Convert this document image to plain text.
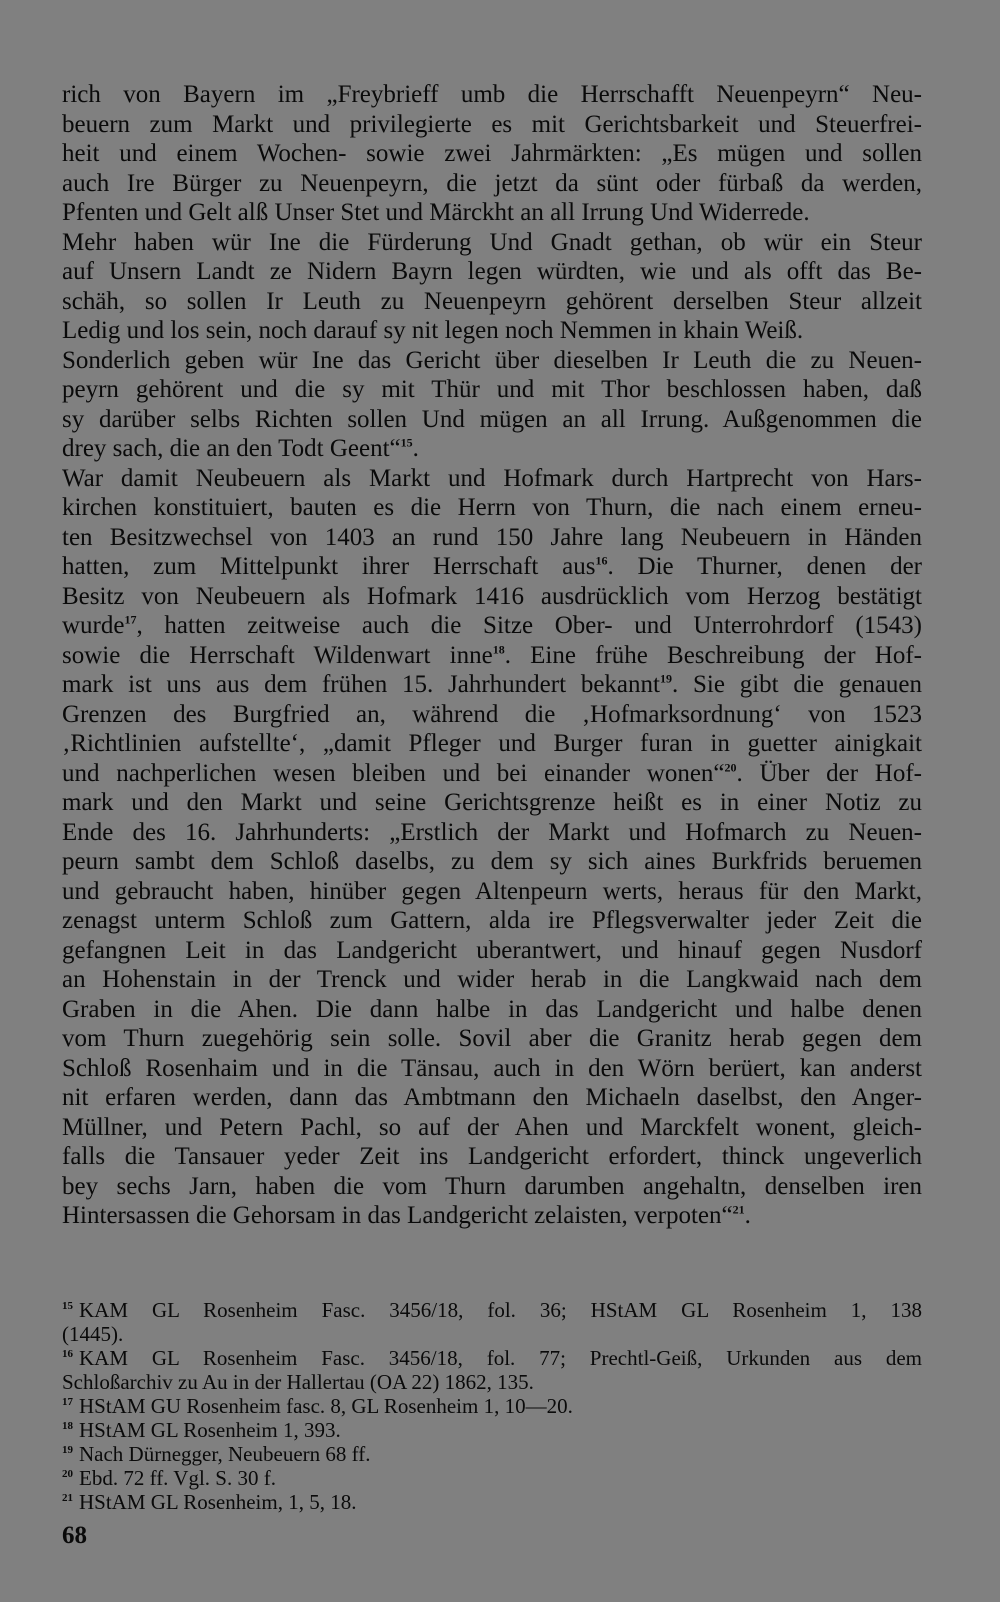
rich von Bayern im „Freybrieff umb die Herrschafft Neuenpeyrn“ Neu-
beuern zum Markt und privilegierte es mit Gerichtsbarkeit und Steuerfrei-
heit und einem Wochen- sowie zwei Jahrmärkten: „Es mügen und sollen
auch Ire Bürger zu Neuenpeyrn, die jetzt da sünt oder fürbaß da werden,
Pfenten und Gelt alß Unser Stet und Märckht an all Irrung Und Widerrede.
Mehr haben wür Ine die Fürderung Und Gnadt gethan, ob wür ein Steur
auf Unsern Landt ze Nidern Bayrn legen würdten, wie und als offt das Be-
schäh, so sollen Ir Leuth zu Neuenpeyrn gehörent derselben Steur allzeit
Ledig und los sein, noch darauf sy nit legen noch Nemmen in khain Weiß.
Sonderlich geben wür Ine das Gericht über dieselben Ir Leuth die zu Neuen-
peyrn gehörent und die sy mit Thür und mit Thor beschlossen haben, daß
sy darüber selbs Richten sollen Und mügen an all Irrung. Außgenommen die
drey sach, die an den Todt Geent“$^{15}$.
War damit Neubeuern als Markt und Hofmark durch Hartprecht von Hars-
kirchen konstituiert, bauten es die Herrn von Thurn, die nach einem erneu-
ten Besitzwechsel von 1403 an rund 150 Jahre lang Neubeuern in Händen
hatten, zum Mittelpunkt ihrer Herrschaft aus$^{16}$. Die Thurner, denen der
Besitz von Neubeuern als Hofmark 1416 ausdrücklich vom Herzog bestätigt
wurde$^{17}$, hatten zeitweise auch die Sitze Ober- und Unterrohrdorf (1543)
sowie die Herrschaft Wildenwart inne$^{18}$. Eine frühe Beschreibung der Hof-
mark ist uns aus dem frühen 15. Jahrhundert bekannt$^{19}$. Sie gibt die genauen
Grenzen des Burgfried an, während die ‚Hofmarksordnung‘ von 1523
‚Richtlinien aufstellte‘, „damit Pfleger und Burger furan in guetter ainigkait
und nachperlichen wesen bleiben und bei einander wonen“$^{20}$. Über der Hof-
mark und den Markt und seine Gerichtsgrenze heißt es in einer Notiz zu
Ende des 16. Jahrhunderts: „Erstlich der Markt und Hofmarch zu Neuen-
peurn sambt dem Schloß daselbs, zu dem sy sich aines Burkfrids beruemen
und gebraucht haben, hinüber gegen Altenpeurn werts, heraus für den Markt,
zenagst unterm Schloß zum Gattern, alda ire Pflegsverwalter jeder Zeit die
gefangnen Leit in das Landgericht uberantwert, und hinauf gegen Nusdorf
an Hohenstain in der Trenck und wider herab in die Langkwaid nach dem
Graben in die Ahen. Die dann halbe in das Landgericht und halbe denen
vom Thurn zuegehörig sein solle. Sovil aber die Granitz herab gegen dem
Schloß Rosenhaim und in die Tänsau, auch in den Wörn berüert, kan anderst
nit erfaren werden, dann das Ambtmann den Michaeln daselbst, den Anger-
Müllner, und Petern Pachl, so auf der Ahen und Marckfelt wonent, gleich-
falls die Tansauer yeder Zeit ins Landgericht erfordert, thinck ungeverlich
bey sechs Jarn, haben die vom Thurn darumben angehaltn, denselben iren
Hintersassen die Gehorsam in das Landgericht zelaisten, verpoten“$^{21}$.
$^{15}$ KAM GL Rosenheim Fasc. 3456/18, fol. 36; HStAM GL Rosenheim 1, 138
(1445).
$^{16}$ KAM GL Rosenheim Fasc. 3456/18, fol. 77; Prechtl-Geiß, Urkunden aus dem
Schloßarchiv zu Au in der Hallertau (OA 22) 1862, 135.
$^{17}$ HStAM GU Rosenheim fasc. 8, GL Rosenheim 1, 10—20.
$^{18}$ HStAM GL Rosenheim 1, 393.
$^{19}$ Nach Dürnegger, Neubeuern 68 ff.
$^{20}$ Ebd. 72 ff. Vgl. S. 30 f.
$^{21}$ HStAM GL Rosenheim, 1, 5, 18.
68
